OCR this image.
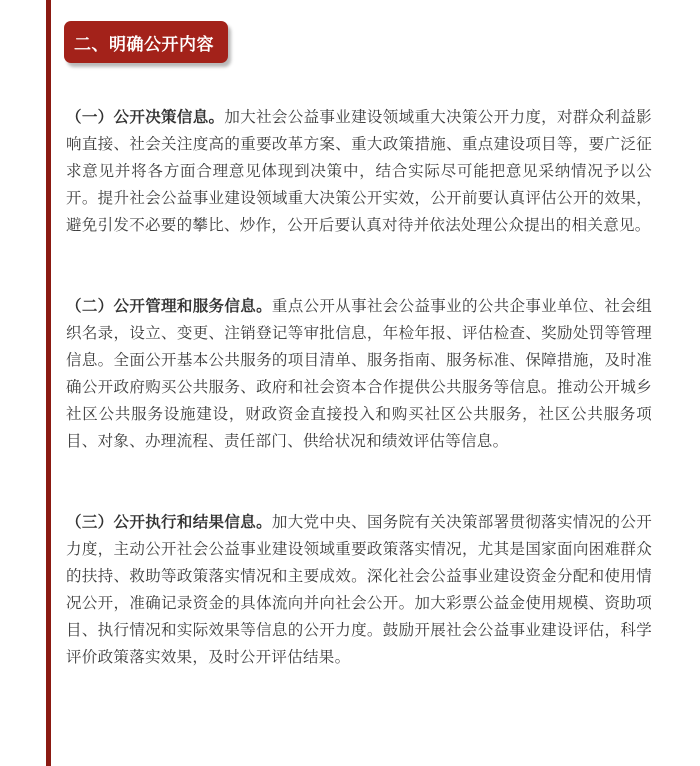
二、明确公开内容

（一）公开决策信息。加大社会公益事业建设领域重大决策公开力度，对群众利益影响直接、社会关注度高的重要改革方案、重大政策措施、重点建设项目等，要广泛征求意见并将各方面合理意见体现到决策中，结合实际尽可能把意见采纳情况予以公开。提升社会公益事业建设领域重大决策公开实效，公开前要认真评估公开的效果，避免引发不必要的攀比、炒作，公开后要认真对待并依法处理公众提出的相关意见。

（二）公开管理和服务信息。重点公开从事社会公益事业的公共企事业单位、社会组织名录，设立、变更、注销登记等审批信息，年检年报、评估检查、奖励处罚等管理信息。全面公开基本公共服务的项目清单、服务指南、服务标准、保障措施，及时准确公开政府购买公共服务、政府和社会资本合作提供公共服务等信息。推动公开城乡社区公共服务设施建设，财政资金直接投入和购买社区公共服务，社区公共服务项目、对象、办理流程、责任部门、供给状况和绩效评估等信息。

（三）公开执行和结果信息。加大党中央、国务院有关决策部署贯彻落实情况的公开力度，主动公开社会公益事业建设领域重要政策落实情况，尤其是国家面向困难群众的扶持、救助等政策落实情况和主要成效。深化社会公益事业建设资金分配和使用情况公开，准确记录资金的具体流向并向社会公开。加大彩票公益金使用规模、资助项目、执行情况和实际效果等信息的公开力度。鼓励开展社会公益事业建设评估，科学评价政策落实效果，及时公开评估结果。
